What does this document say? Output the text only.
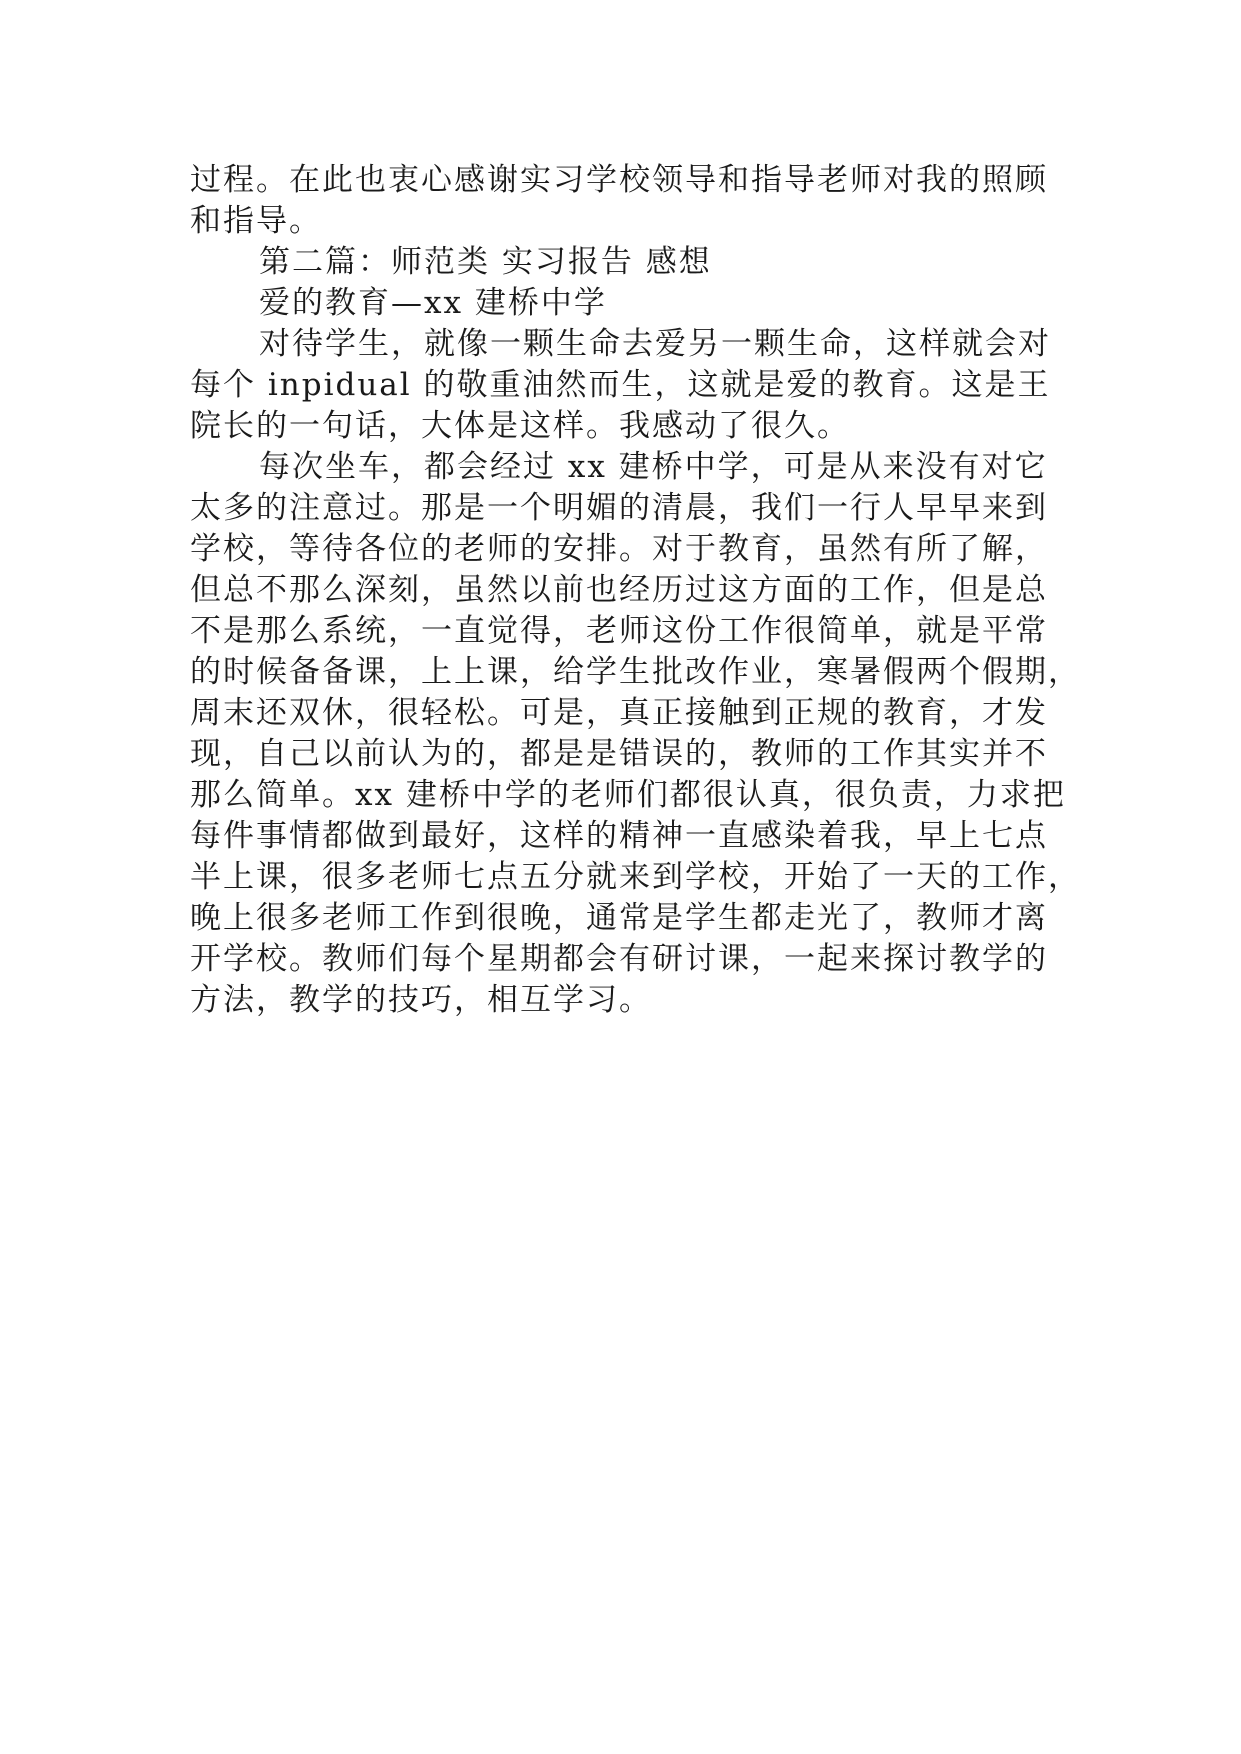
过程。在此也衷心感谢实习学校领导和指导老师对我的照顾
和指导。
第二篇：师范类 实习报告 感想
爱的教育—xx 建桥中学
对待学生，就像一颗生命去爱另一颗生命，这样就会对
每个 inpidual 的敬重油然而生，这就是爱的教育。这是王
院长的一句话，大体是这样。我感动了很久。
每次坐车，都会经过 xx 建桥中学，可是从来没有对它
太多的注意过。那是一个明媚的清晨，我们一行人早早来到
学校，等待各位的老师的安排。对于教育，虽然有所了解，
但总不那么深刻，虽然以前也经历过这方面的工作，但是总
不是那么系统，一直觉得，老师这份工作很简单，就是平常
的时候备备课，上上课，给学生批改作业，寒暑假两个假期，
周末还双休，很轻松。可是，真正接触到正规的教育，才发
现，自己以前认为的，都是是错误的，教师的工作其实并不
那么简单。xx 建桥中学的老师们都很认真，很负责，力求把
每件事情都做到最好，这样的精神一直感染着我，早上七点
半上课，很多老师七点五分就来到学校，开始了一天的工作，
晚上很多老师工作到很晚，通常是学生都走光了，教师才离
开学校。教师们每个星期都会有研讨课，一起来探讨教学的
方法，教学的技巧，相互学习。
